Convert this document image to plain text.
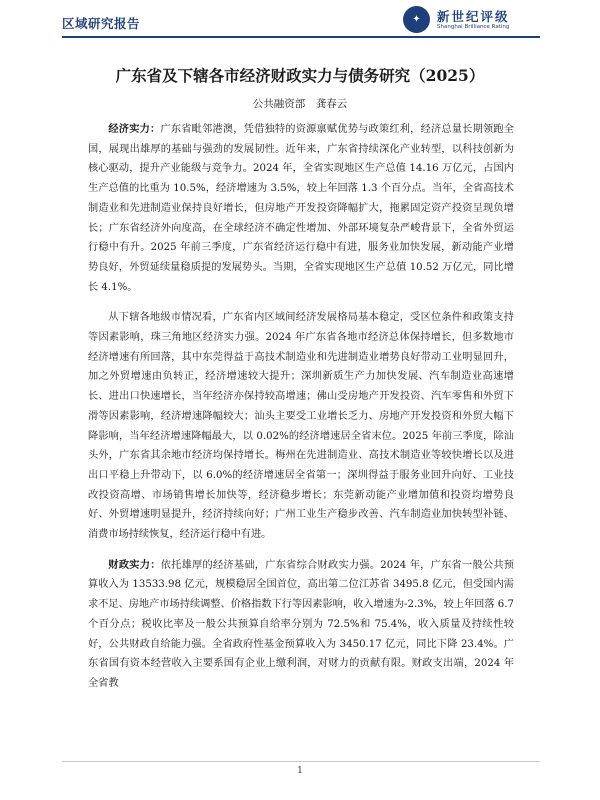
区域研究报告	✦	新世纪评级
Shanghai Brilliance Rating
广东省及下辖各市经济财政实力与债务研究（2025）
公共融资部　龚春云

经济实力：广东省毗邻港澳，凭借独特的资源禀赋优势与政策红利，经济总量长期领跑全国，展现出雄厚的基础与强劲的发展韧性。近年来，广东省持续深化产业转型，以科技创新为核心驱动，提升产业能级与竞争力。2024 年，全省实现地区生产总值 14.16 万亿元，占国内生产总值的比重为 10.5%，经济增速为 3.5%，较上年回落 1.3 个百分点。当年，全省高技术制造业和先进制造业保持良好增长，但房地产开发投资降幅扩大，拖累固定资产投资呈现负增长；广东省经济外向度高，在全球经济不确定性增加、外部环境复杂严峻背景下，全省外贸运行稳中有升。2025 年前三季度，广东省经济运行稳中有进，服务业加快发展，新动能产业增势良好，外贸延续量稳质提的发展势头。当期，全省实现地区生产总值 10.52 万亿元，同比增长 4.1%。

从下辖各地级市情况看，广东省内区域间经济发展格局基本稳定，受区位条件和政策支持等因素影响，珠三角地区经济实力强。2024 年广东省各地市经济总体保持增长，但多数地市经济增速有所回落，其中东莞得益于高技术制造业和先进制造业增势良好带动工业明显回升，加之外贸增速由负转正，经济增速较大提升；深圳新质生产力加快发展、汽车制造业高速增长、进出口快速增长，当年经济亦保持较高增速；佛山受房地产开发投资、汽车零售和外贸下滑等因素影响，经济增速降幅较大；汕头主要受工业增长乏力、房地产开发投资和外贸大幅下降影响，当年经济增速降幅最大，以 0.02%的经济增速居全省末位。2025 年前三季度，除汕头外，广东省其余地市经济均保持增长。梅州在先进制造业、高技术制造业等较快增长以及进出口平稳上升带动下，以 6.0%的经济增速居全省第一；深圳得益于服务业回升向好、工业技改投资高增、市场销售增长加快等，经济稳步增长；东莞新动能产业增加值和投资均增势良好、外贸增速明显提升，经济持续向好；广州工业生产稳步改善、汽车制造业加快转型补链、消费市场持续恢复，经济运行稳中有进。

财政实力：依托雄厚的经济基础，广东省综合财政实力强。2024 年，广东省一般公共预算收入为 13533.98 亿元，规模稳居全国首位，高出第二位江苏省 3495.8 亿元，但受国内需求不足、房地产市场持续调整、价格指数下行等因素影响，收入增速为-2.3%，较上年回落 6.7 个百分点；税收比率及一般公共预算自给率分别为 72.5%和 75.4%，收入质量及持续性较好，公共财政自给能力强。全省政府性基金预算收入为 3450.17 亿元，同比下降 23.4%。广东省国有资本经营收入主要系国有企业上缴利润，对财力的贡献有限。财政支出端，2024 年全省教

1
